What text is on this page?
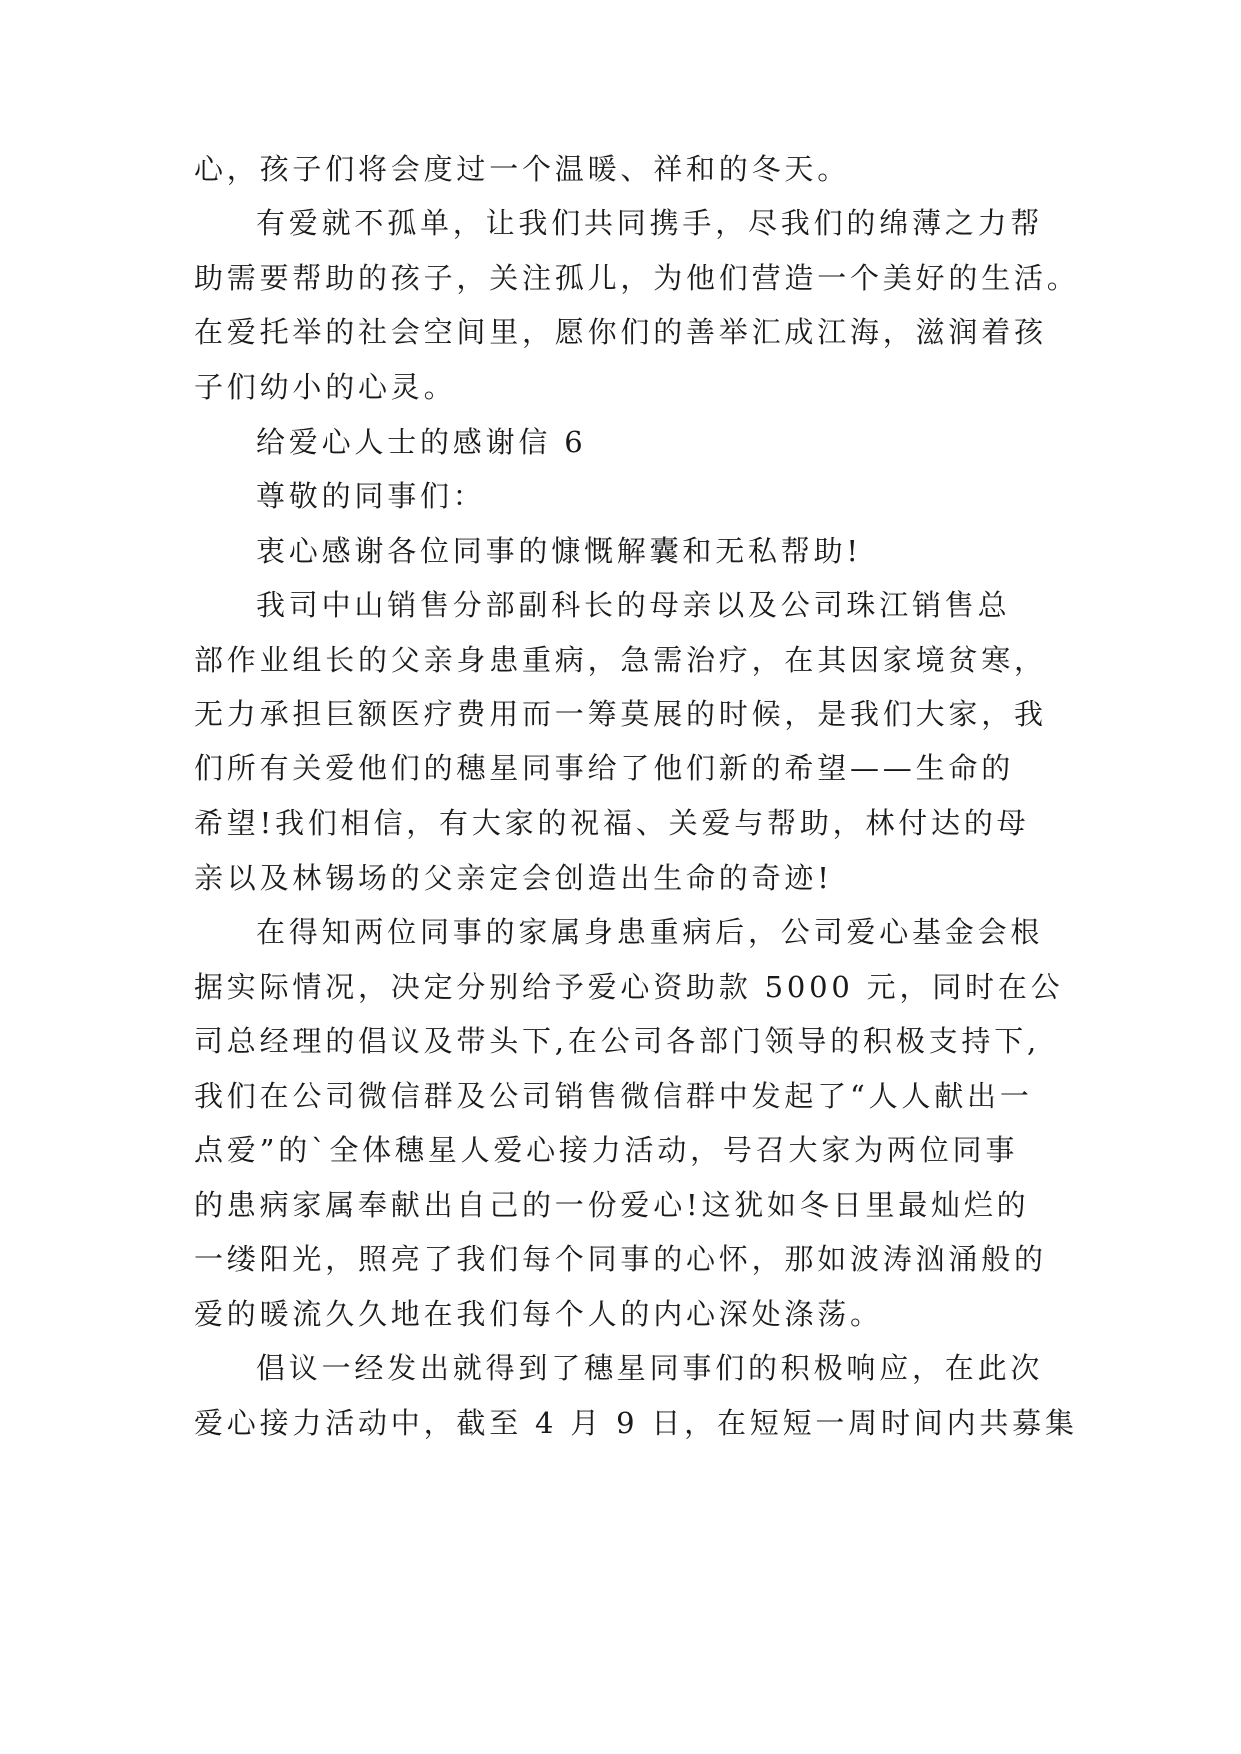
心，孩子们将会度过一个温暖、祥和的冬天。

有爱就不孤单，让我们共同携手，尽我们的绵薄之力帮

助需要帮助的孩子，关注孤儿，为他们营造一个美好的生活。

在爱托举的社会空间里，愿你们的善举汇成江海，滋润着孩

子们幼小的心灵。

给爱心人士的感谢信 6

尊敬的同事们：

衷心感谢各位同事的慷慨解囊和无私帮助!

我司中山销售分部副科长的母亲以及公司珠江销售总

部作业组长的父亲身患重病，急需治疗，在其因家境贫寒，

无力承担巨额医疗费用而一筹莫展的时候，是我们大家，我

们所有关爱他们的穗星同事给了他们新的希望——生命的

希望!我们相信，有大家的祝福、关爱与帮助，林付达的母

亲以及林锡场的父亲定会创造出生命的奇迹!

在得知两位同事的家属身患重病后，公司爱心基金会根

据实际情况，决定分别给予爱心资助款 5000 元，同时在公

司总经理的倡议及带头下,在公司各部门领导的积极支持下,

我们在公司微信群及公司销售微信群中发起了“人人献出一

点爱”的`全体穗星人爱心接力活动，号召大家为两位同事

的患病家属奉献出自己的一份爱心!这犹如冬日里最灿烂的

一缕阳光，照亮了我们每个同事的心怀，那如波涛汹涌般的

爱的暖流久久地在我们每个人的内心深处涤荡。

倡议一经发出就得到了穗星同事们的积极响应，在此次

爱心接力活动中，截至 4 月 9 日，在短短一周时间内共募集
